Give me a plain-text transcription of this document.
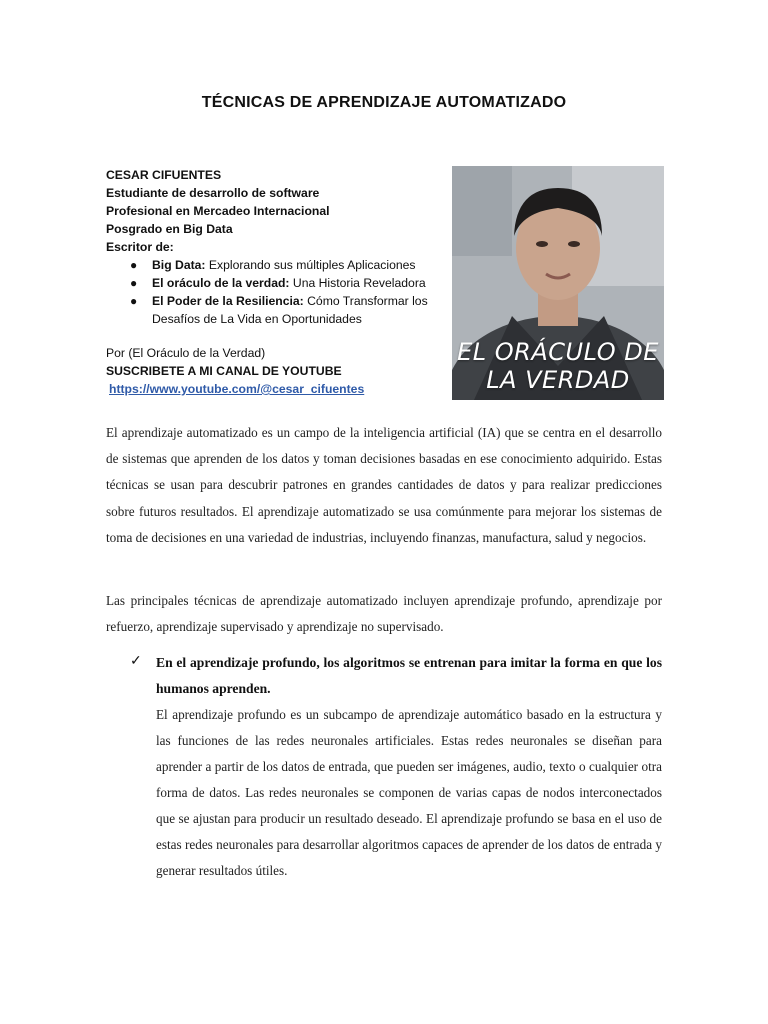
TÉCNICAS DE APRENDIZAJE AUTOMATIZADO
CESAR CIFUENTES
Estudiante de desarrollo de software
Profesional en Mercadeo Internacional
Posgrado en Big Data
Escritor de:
● Big Data: Explorando sus múltiples Aplicaciones
● El oráculo de la verdad: Una Historia Reveladora
● El Poder de la Resiliencia: Cómo Transformar los Desafíos de La Vida en Oportunidades
Por (El Oráculo de la Verdad)
SUSCRIBETE A MI CANAL DE YOUTUBE
https://www.youtube.com/@cesar_cifuentes
EL ORÁCULO DE
LA VERDAD
El aprendizaje automatizado es un campo de la inteligencia artificial (IA) que se centra en el desarrollo de sistemas que aprenden de los datos y toman decisiones basadas en ese conocimiento adquirido. Estas técnicas se usan para descubrir patrones en grandes cantidades de datos y para realizar predicciones sobre futuros resultados. El aprendizaje automatizado se usa comúnmente para mejorar los sistemas de toma de decisiones en una variedad de industrias, incluyendo finanzas, manufactura, salud y negocios.
Las principales técnicas de aprendizaje automatizado incluyen aprendizaje profundo, aprendizaje por refuerzo, aprendizaje supervisado y aprendizaje no supervisado.
✓ En el aprendizaje profundo, los algoritmos se entrenan para imitar la forma en que los humanos aprenden.
El aprendizaje profundo es un subcampo de aprendizaje automático basado en la estructura y las funciones de las redes neuronales artificiales. Estas redes neuronales se diseñan para aprender a partir de los datos de entrada, que pueden ser imágenes, audio, texto o cualquier otra forma de datos. Las redes neuronales se componen de varias capas de nodos interconectados que se ajustan para producir un resultado deseado. El aprendizaje profundo se basa en el uso de estas redes neuronales para desarrollar algoritmos capaces de aprender de los datos de entrada y generar resultados útiles.
